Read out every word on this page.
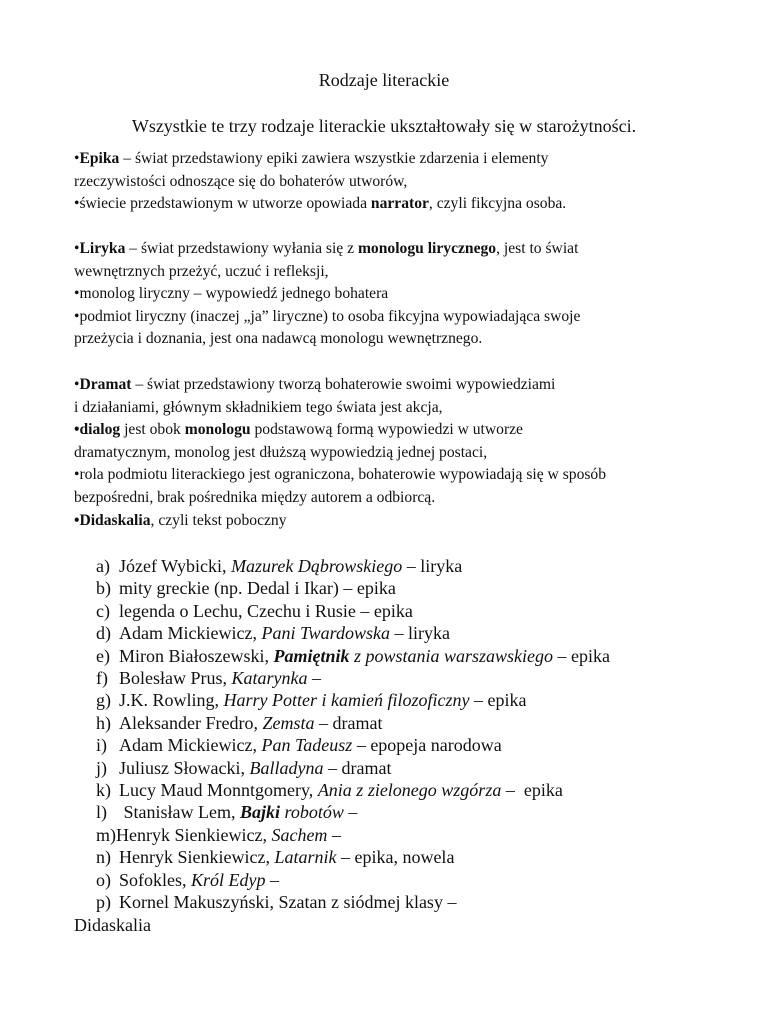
Rodzaje literackie
Wszystkie te trzy rodzaje literackie ukształtowały się w starożytności.
•Epika – świat przedstawiony epiki zawiera wszystkie zdarzenia i elementy
rzeczywistości odnoszące się do bohaterów utworów,
•świecie przedstawionym w utworze opowiada narrator, czyli fikcyjna osoba.
•Liryka – świat przedstawiony wyłania się z monologu lirycznego, jest to świat
wewnętrznych przeżyć, uczuć i refleksji,
•monolog liryczny – wypowiedź jednego bohatera
•podmiot liryczny (inaczej „ja” liryczne) to osoba fikcyjna wypowiadająca swoje
przeżycia i doznania, jest ona nadawcą monologu wewnętrznego.
•Dramat – świat przedstawiony tworzą bohaterowie swoimi wypowiedziami
i działaniami, głównym składnikiem tego świata jest akcja,
•dialog jest obok monologu podstawową formą wypowiedzi w utworze
dramatycznym, monolog jest dłuższą wypowiedzią jednej postaci,
•rola podmiotu literackiego jest ograniczona, bohaterowie wypowiadają się w sposób
bezpośredni, brak pośrednika między autorem a odbiorcą.
•Didaskalia, czyli tekst poboczny
a) Józef Wybicki, Mazurek Dąbrowskiego – liryka
b) mity greckie (np. Dedal i Ikar) – epika
c) legenda o Lechu, Czechu i Rusie – epika
d) Adam Mickiewicz, Pani Twardowska – liryka
e) Miron Białoszewski, Pamiętnik z powstania warszawskiego – epika
f) Bolesław Prus, Katarynka –
g) J.K. Rowling, Harry Potter i kamień filozoficzny – epika
h) Aleksander Fredro, Zemsta – dramat
i) Adam Mickiewicz, Pan Tadeusz – epopeja narodowa
j) Juliusz Słowacki, Balladyna – dramat
k) Lucy Maud Monntgomery, Ania z zielonego wzgórza –  epika
l) Stanisław Lem, Bajki robotów –
m)Henryk Sienkiewicz, Sachem –
n) Henryk Sienkiewicz, Latarnik – epika, nowela
o) Sofokles, Król Edyp –
p) Kornel Makuszyński, Szatan z siódmej klasy –
Didaskalia
